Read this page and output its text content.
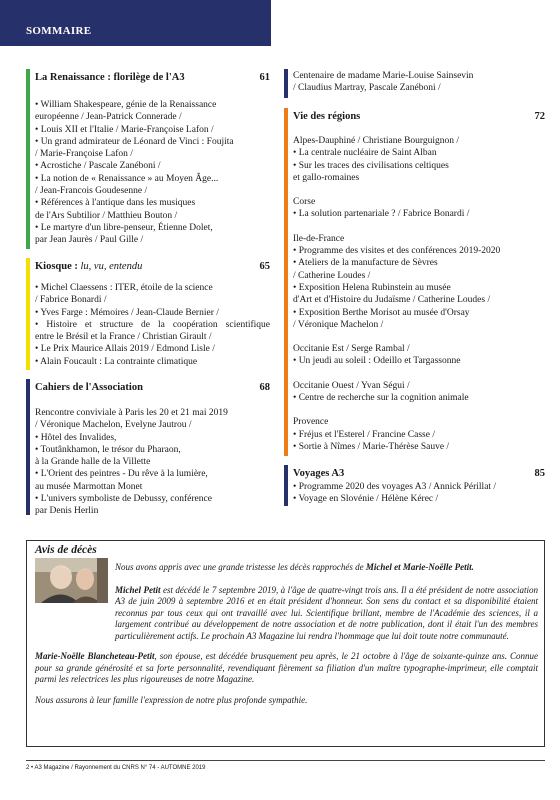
SOMMAIRE
La Renaissance : florilège de l'A3	61
• William Shakespeare, génie de la Renaissance
européenne / Jean-Patrick Connerade /
• Louis XII et l'Italie / Marie-Françoise Lafon /
• Un grand admirateur de Léonard de Vinci : Foujita
/ Marie-Françoise Lafon /
• Acrostiche / Pascale Zanéboni /
• La notion de « Renaissance » au Moyen Âge...
/ Jean-Francois Goudesenne /
• Références à l'antique dans les musiques
de l'Ars Subtilior / Matthieu Bouton /
• Le martyre d'un libre-penseur, Étienne Dolet,
par Jean Jaurès / Paul Gille /
Kiosque : lu, vu, entendu	65
• Michel Claessens : ITER, étoile de la science
/ Fabrice Bonardi /
• Yves Farge : Mémoires / Jean-Claude Bernier /
• Histoire et structure de la coopération scientifique
entre le Brésil et la France / Christian Girault /
• Le Prix Maurice Allais 2019 / Edmond Lisle /
• Alain Foucault : La contrainte climatique
Cahiers de l'Association	68
Rencontre conviviale à Paris les 20 et 21 mai 2019
/ Véronique Machelon, Evelyne Jautrou /
• Hôtel des Invalides,
• Toutânkhamon, le trésor du Pharaon,
à la Grande halle de la Villette
• L'Orient des peintres - Du rêve à la lumière,
au musée Marmottan Monet
• L'univers symboliste de Debussy, conférence
par Denis Herlin
Centenaire de madame Marie-Louise Sainsevin
/ Claudius Martray, Pascale Zanéboni /
Vie des régions	72
Alpes-Dauphiné / Christiane Bourguignon /
• La centrale nucléaire de Saint Alban
• Sur les traces des civilisations celtiques
et gallo-romaines
Corse
• La solution partenariale ? / Fabrice Bonardi /
Ile-de-France
• Programme des visites et des conférences 2019-2020
• Ateliers de la manufacture de Sèvres
/ Catherine Loudes /
• Exposition Helena Rubinstein au musée
d'Art et d'Histoire du Judaïsme / Catherine Loudes /
• Exposition Berthe Morisot au musée d'Orsay
/ Véronique Machelon /
Occitanie Est / Serge Rambal /
• Un jeudi au soleil : Odeillo et Targassonne
Occitanie Ouest / Yvan Ségui /
• Centre de recherche sur la cognition animale
Provence
• Fréjus et l'Esterel / Francine Casse /
• Sortie à Nîmes / Marie-Thérèse Sauve /
Voyages A3	85
• Programme 2020 des voyages A3 / Annick Périllat /
• Voyage en Slovénie / Hélène Kérec /
Avis de décès
Nous avons appris avec une grande tristesse les décès rapprochés de Michel et Marie-Noëlle Petit.
Michel Petit est décédé le 7 septembre 2019, à l'âge de quatre-vingt trois ans. Il a été président de notre association A3 de juin 2009 à septembre 2016 et en était président d'honneur. Son sens du contact et sa disponibilité étaient reconnus par tous ceux qui ont travaillé avec lui. Scientifique brillant, membre de l'Académie des sciences, il a largement contribué au développement de notre association et de notre publication, dont il était l'un des membres particulièrement actifs. Le prochain A3 Magazine lui rendra l'hommage que lui doit toute notre communauté.
Marie-Noëlle Blancheteau-Petit, son épouse, est décédée brusquement peu après, le 21 octobre à l'âge de soixante-quinze ans. Connue pour sa grande générosité et sa forte personnalité, revendiquant fièrement sa filiation d'un maître typographe-imprimeur, elle comptait parmi les relectrices les plus rigoureuses de notre Magazine.
Nous assurons à leur famille l'expression de notre plus profonde sympathie.
2 • A3 Magazine / Rayonnement du CNRS N° 74 - AUTOMNE 2019
